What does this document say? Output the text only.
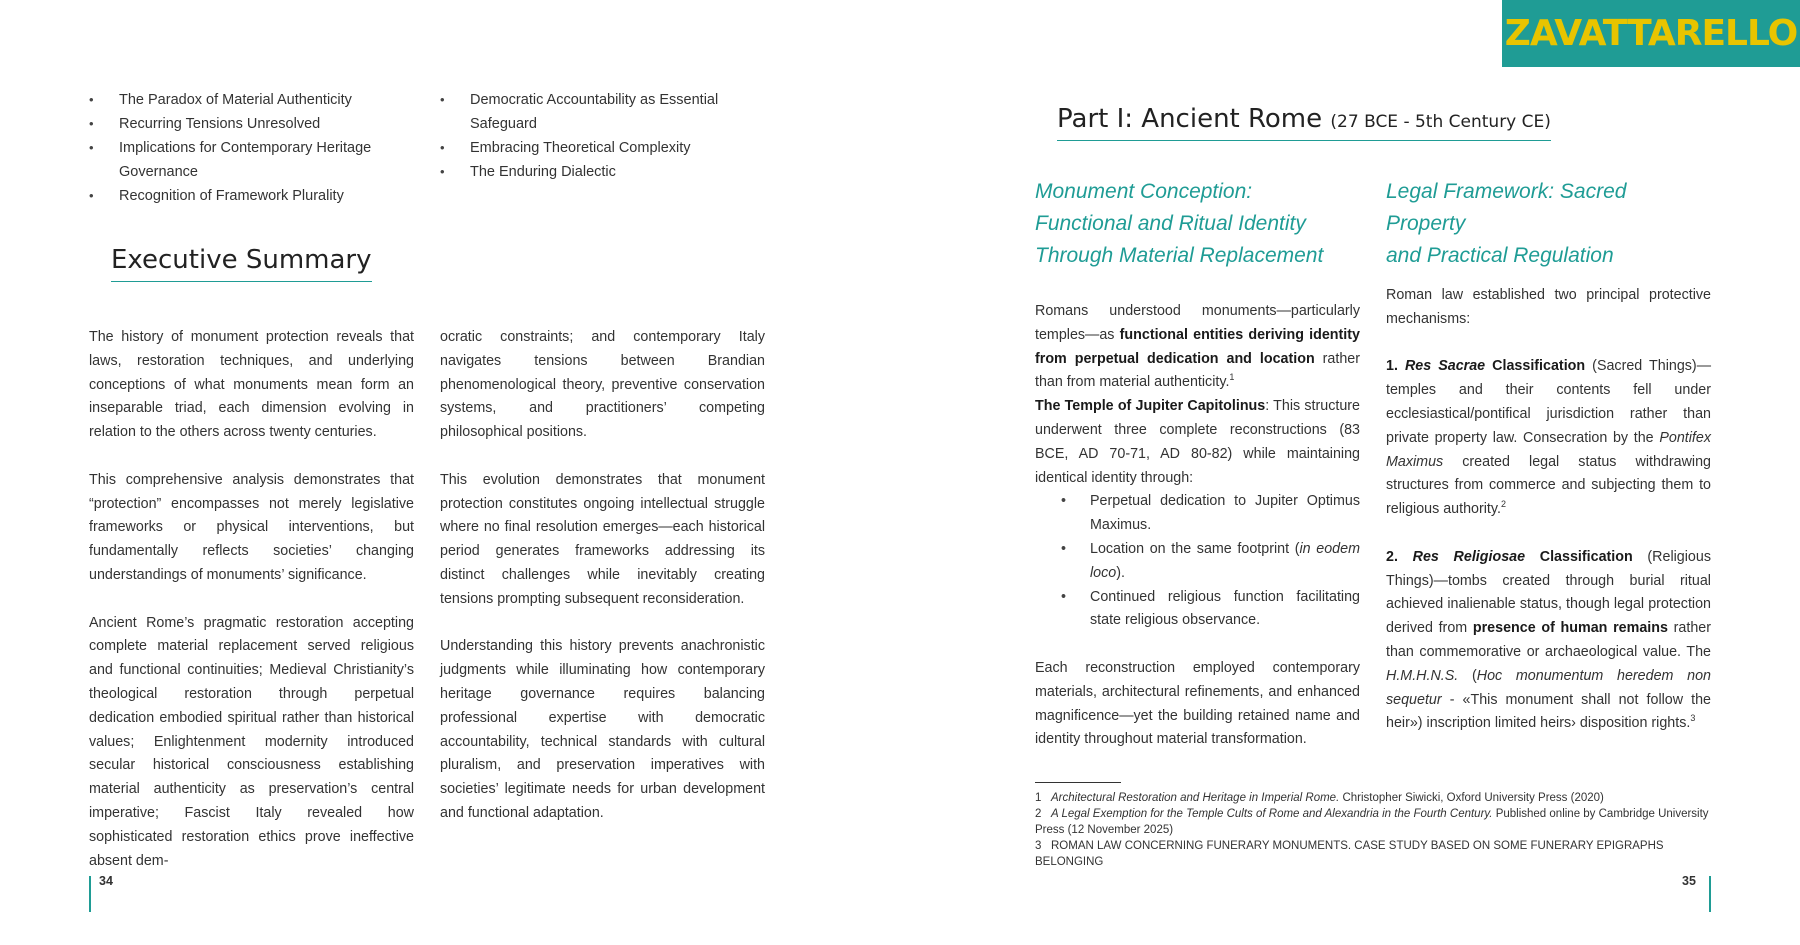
ZAVATTARELLO
• The Paradox of Material Authenticity
• Recurring Tensions Unresolved
• Implications for Contemporary Heritage Governance
• Recognition of Framework Plurality
• Democratic Accountability as Essential Safeguard
• Embracing Theoretical Complexity
• The Enduring Dialectic
Executive Summary

The history of monument protection reveals that laws, restoration techniques, and underlying conceptions of what monuments mean form an inseparable triad, each dimension evolving in relation to the others across twenty centuries.

This comprehensive analysis demonstrates that “protection” encompasses not merely legislative frameworks or physical interventions, but fundamentally reflects societies’ changing understandings of monuments’ significance.

Ancient Rome’s pragmatic restoration accepting complete material replacement served religious and functional continuities; Medieval Christianity’s theological restoration through perpetual dedication embodied spiritual rather than historical values; Enlightenment modernity introduced secular historical consciousness establishing material authenticity as preservation’s central imperative; Fascist Italy revealed how sophisticated restoration ethics prove ineffective absent dem-

ocratic constraints; and contemporary Italy navigates tensions between Brandian phenomenological theory, preventive conservation systems, and practitioners’ competing philosophical positions.

This evolution demonstrates that monument protection constitutes ongoing intellectual struggle where no final resolution emerges—each historical period generates frameworks addressing its distinct challenges while inevitably creating tensions prompting subsequent reconsideration.

Understanding this history prevents anachronistic judgments while illuminating how contemporary heritage governance requires balancing professional expertise with democratic accountability, technical standards with cultural pluralism, and preservation imperatives with societies’ legitimate needs for urban development and functional adaptation.

34
Part I: Ancient Rome (27 BCE - 5th Century CE)

Monument Conception:

Functional and Ritual Identity

Through Material Replacement

Romans understood monuments—particularly temples—as functional entities deriving identity from perpetual dedication and location rather than from material authenticity.$^1$

The Temple of Jupiter Capitolinus: This structure underwent three complete reconstructions (83 BCE, AD 70-71, AD 80-82) while maintaining identical identity through:

• Perpetual dedication to Jupiter Optimus Maximus.
• Location on the same footprint (in eodem loco).
• Continued religious function facilitating state religious observance.

Each reconstruction employed contemporary materials, architectural refinements, and enhanced magnificence—yet the building retained name and identity throughout material transformation.

Legal Framework: Sacred Property

and Practical Regulation

Roman law established two principal protective mechanisms:

1. Res Sacrae Classification (Sacred Things)—temples and their contents fell under ecclesiastical/pontifical jurisdiction rather than private property law. Consecration by the Pontifex Maximus created legal status withdrawing structures from commerce and subjecting them to religious authority.$^2$

2. Res Religiosae Classification (Religious Things)—tombs created through burial ritual achieved inalienable status, though legal protection derived from presence of human remains rather than commemorative or archaeological value. The H.M.H.N.S. (Hoc monumentum heredem non sequetur - «This monument shall not follow the heir») inscription limited heirs› disposition rights.$^3$

1 Architectural Restoration and Heritage in Imperial Rome. Christopher Siwicki, Oxford University Press (2020)
2 A Legal Exemption for the Temple Cults of Rome and Alexandria in the Fourth Century. Published online by Cambridge University Press (12 November 2025)
3 ROMAN LAW CONCERNING FUNERARY MONUMENTS. CASE STUDY BASED ON SOME FUNERARY EPIGRAPHS BELONGING
35
